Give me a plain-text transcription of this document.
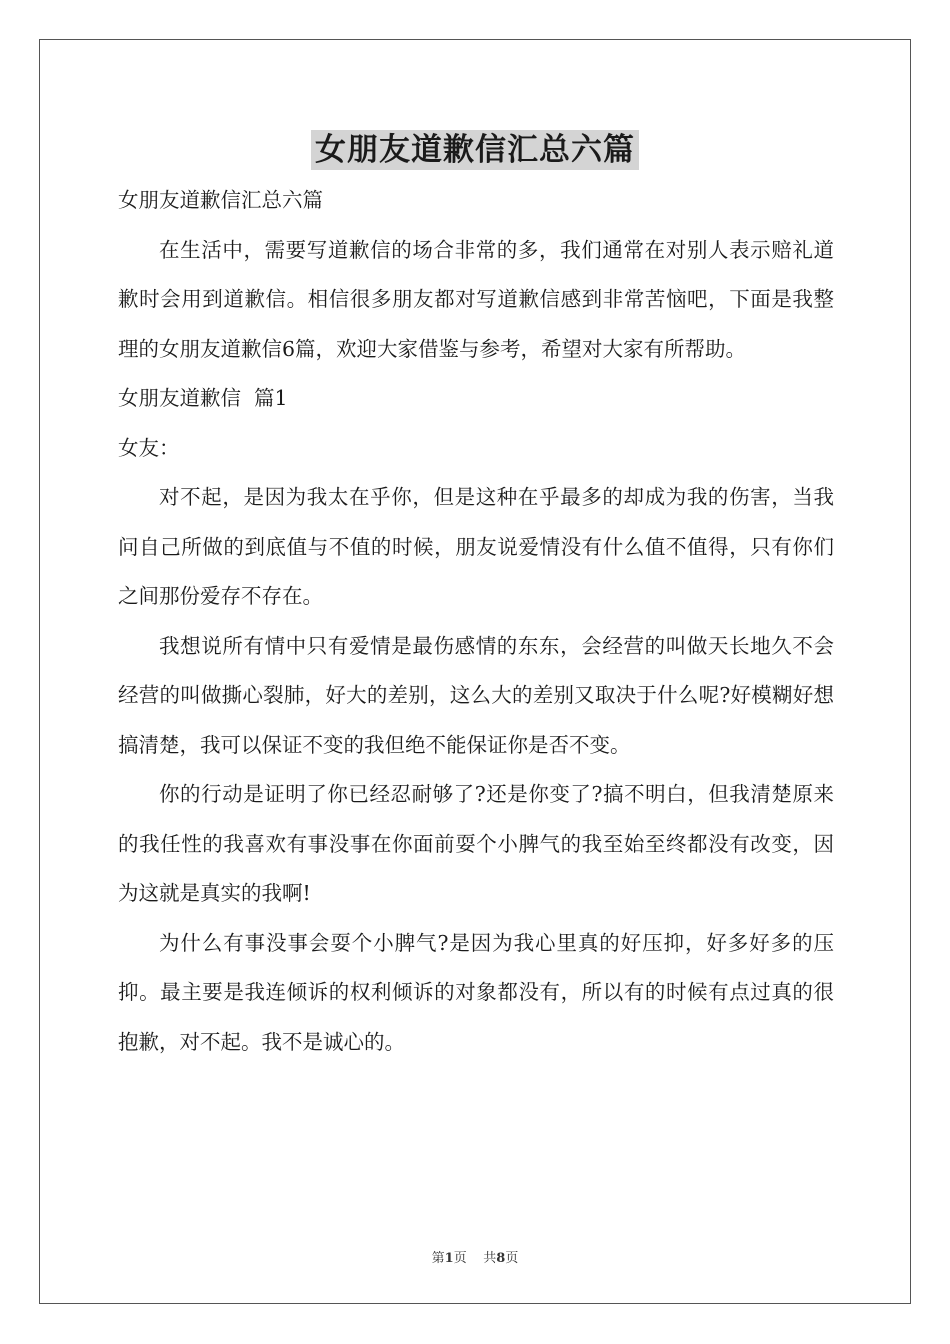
女朋友道歉信汇总六篇

女朋友道歉信汇总六篇

在生活中，需要写道歉信的场合非常的多，我们通常在对别人表示赔礼道歉时会用到道歉信。相信很多朋友都对写道歉信感到非常苦恼吧，下面是我整理的女朋友道歉信6篇，欢迎大家借鉴与参考，希望对大家有所帮助。

女朋友道歉信  篇1

女友：

对不起，是因为我太在乎你，但是这种在乎最多的却成为我的伤害，当我问自己所做的到底值与不值的时候，朋友说爱情没有什么值不值得，只有你们之间那份爱存不存在。

我想说所有情中只有爱情是最伤感情的东东，会经营的叫做天长地久不会经营的叫做撕心裂肺，好大的差别，这么大的差别又取决于什么呢?好模糊好想搞清楚，我可以保证不变的我但绝不能保证你是否不变。

你的行动是证明了你已经忍耐够了?还是你变了?搞不明白，但我清楚原来的我任性的我喜欢有事没事在你面前耍个小脾气的我至始至终都没有改变，因为这就是真实的我啊!

为什么有事没事会耍个小脾气?是因为我心里真的好压抑，好多好多的压抑。最主要是我连倾诉的权利倾诉的对象都没有，所以有的时候有点过真的很抱歉，对不起。我不是诚心的。

第1页 共8页
